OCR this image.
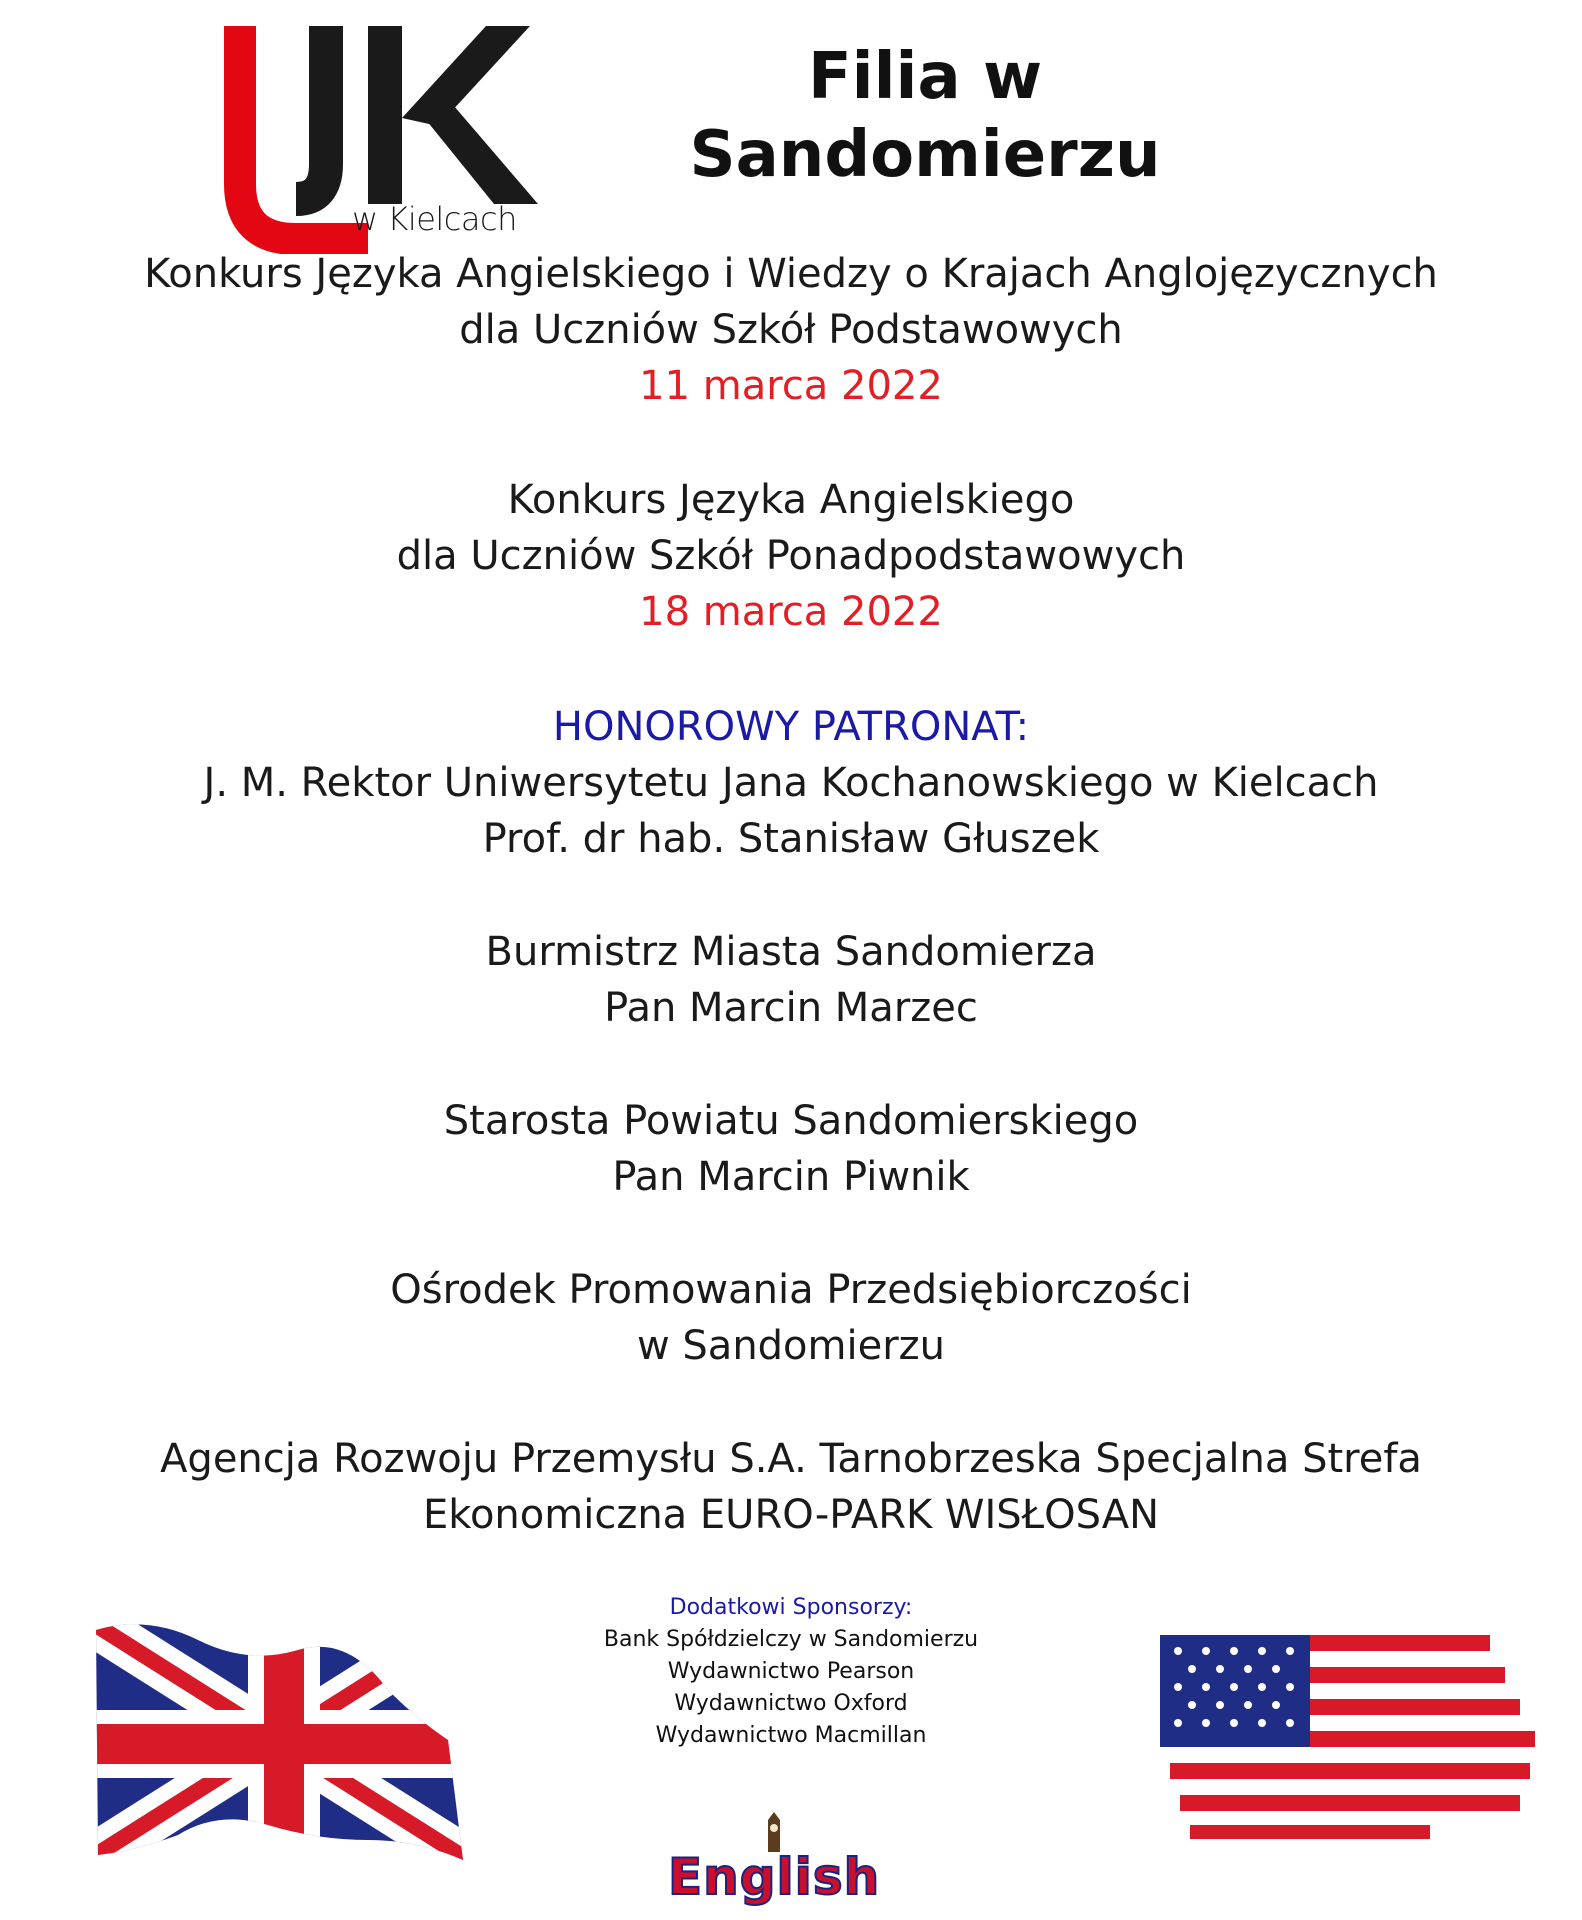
w Kielcach
Filia w
Sandomierzu
Konkurs Języka Angielskiego i Wiedzy o Krajach Anglojęzycznych
dla Uczniów Szkół Podstawowych
11 marca 2022
Konkurs Języka Angielskiego
dla Uczniów Szkół Ponadpodstawowych
18 marca 2022
HONOROWY PATRONAT:
J. M. Rektor Uniwersytetu Jana Kochanowskiego w Kielcach
Prof. dr hab. Stanisław Głuszek
Burmistrz Miasta Sandomierza
Pan Marcin Marzec
Starosta Powiatu Sandomierskiego
Pan Marcin Piwnik
Ośrodek Promowania Przedsiębiorczości
w Sandomierzu
Agencja Rozwoju Przemysłu S.A. Tarnobrzeska Specjalna Strefa
Ekonomiczna EURO-PARK WISŁOSAN
Dodatkowi Sponsorzy:
Bank Spółdzielczy w Sandomierzu
Wydawnictwo Pearson
Wydawnictwo Oxford
Wydawnictwo Macmillan
English
